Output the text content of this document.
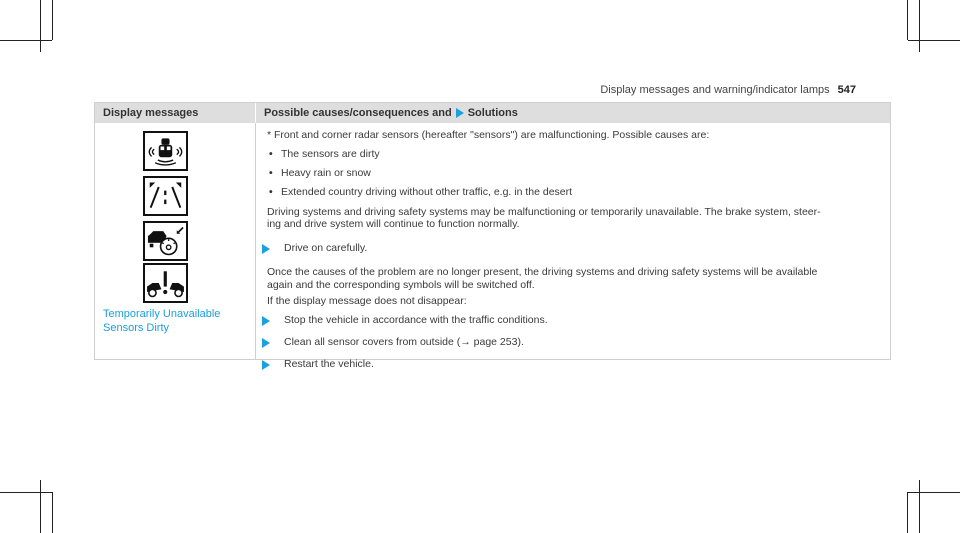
Display messages and warning/indicator lamps 547
Display messages	Possible causes/consequences and Solutions
Temporarily Unavailable
Sensors Dirty
* Front and corner radar sensors (hereafter "sensors") are malfunctioning. Possible causes are:
• The sensors are dirty
• Heavy rain or snow
• Extended country driving without other traffic, e.g. in the desert
Driving systems and driving safety systems may be malfunctioning or temporarily unavailable. The brake system, steer-
ing and drive system will continue to function normally.
Drive on carefully.
Once the causes of the problem are no longer present, the driving systems and driving safety systems will be available
again and the corresponding symbols will be switched off.
If the display message does not disappear:
Stop the vehicle in accordance with the traffic conditions.
Clean all sensor covers from outside (→ page 253).
Restart the vehicle.
